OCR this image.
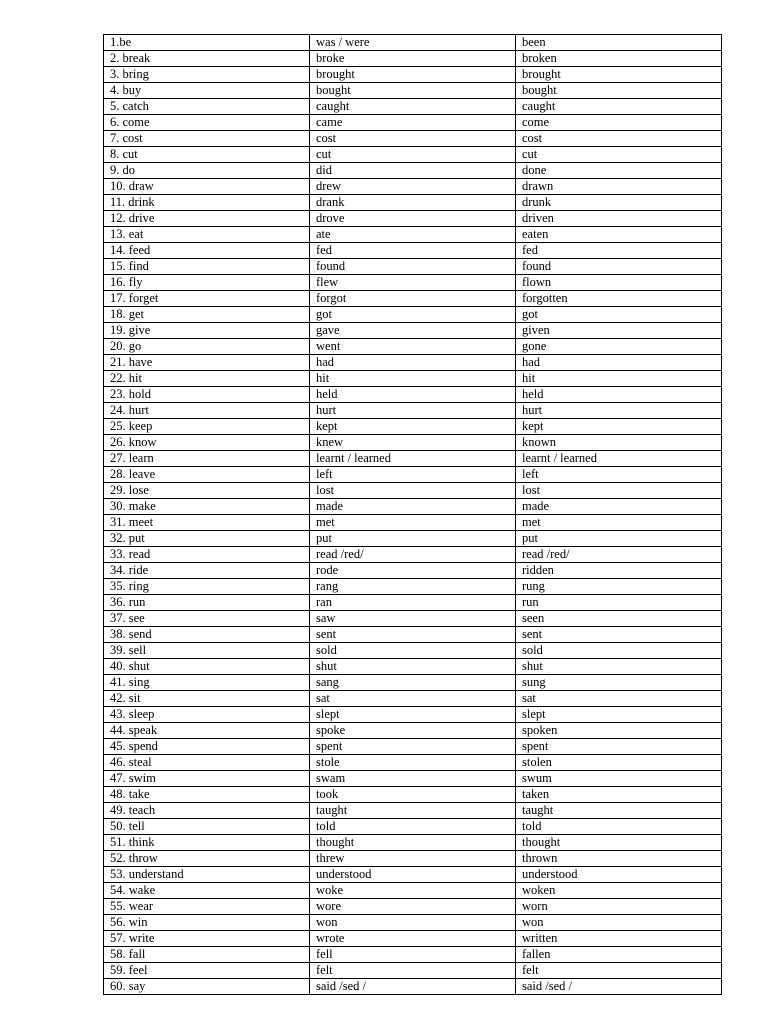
1.be	was / were	been
2. break	broke	broken
3. bring	brought	brought
4. buy	bought	bought
5. catch	caught	caught
6. come	came	come
7. cost	cost	cost
8. cut	cut	cut
9. do	did	done
10. draw	drew	drawn
11. drink	drank	drunk
12. drive	drove	driven
13. eat	ate	eaten
14. feed	fed	fed
15. find	found	found
16. fly	flew	flown
17. forget	forgot	forgotten
18. get	got	got
19. give	gave	given
20. go	went	gone
21. have	had	had
22. hit	hit	hit
23. hold	held	held
24. hurt	hurt	hurt
25. keep	kept	kept
26. know	knew	known
27. learn	learnt / learned	learnt / learned
28. leave	left	left
29. lose	lost	lost
30. make	made	made
31. meet	met	met
32. put	put	put
33. read	read /red/	read /red/
34. ride	rode	ridden
35. ring	rang	rung
36. run	ran	run
37. see	saw	seen
38. send	sent	sent
39. sell	sold	sold
40. shut	shut	shut
41. sing	sang	sung
42. sit	sat	sat
43. sleep	slept	slept
44. speak	spoke	spoken
45. spend	spent	spent
46. steal	stole	stolen
47. swim	swam	swum
48. take	took	taken
49. teach	taught	taught
50. tell	told	told
51. think	thought	thought
52. throw	threw	thrown
53. understand	understood	understood
54. wake	woke	woken
55. wear	wore	worn
56. win	won	won
57. write	wrote	written
58. fall	fell	fallen
59. feel	felt	felt
60. say	said /sed /	said /sed /
